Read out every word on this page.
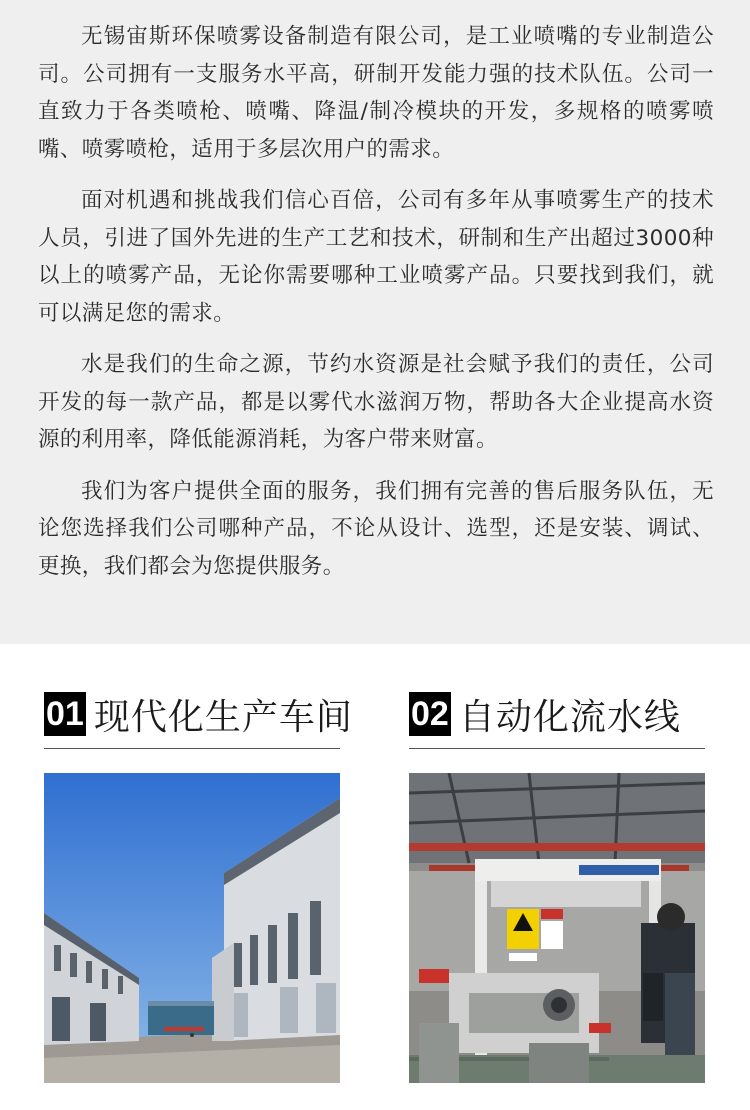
无锡宙斯环保喷雾设备制造有限公司，是工业喷嘴的专业制造公司。公司拥有一支服务水平高，研制开发能力强的技术队伍。公司一直致力于各类喷枪、喷嘴、降温/制冷模块的开发，多规格的喷雾喷嘴、喷雾喷枪，适用于多层次用户的需求。

面对机遇和挑战我们信心百倍，公司有多年从事喷雾生产的技术人员，引进了国外先进的生产工艺和技术，研制和生产出超过3000种以上的喷雾产品，无论你需要哪种工业喷雾产品。只要找到我们，就可以满足您的需求。

水是我们的生命之源，节约水资源是社会赋予我们的责任，公司开发的每一款产品，都是以雾代水滋润万物，帮助各大企业提高水资源的利用率，降低能源消耗，为客户带来财富。

我们为客户提供全面的服务，我们拥有完善的售后服务队伍，无论您选择我们公司哪种产品，不论从设计、选型，还是安装、调试、更换，我们都会为您提供服务。

01 现代化生产车间 02 自动化流水线
